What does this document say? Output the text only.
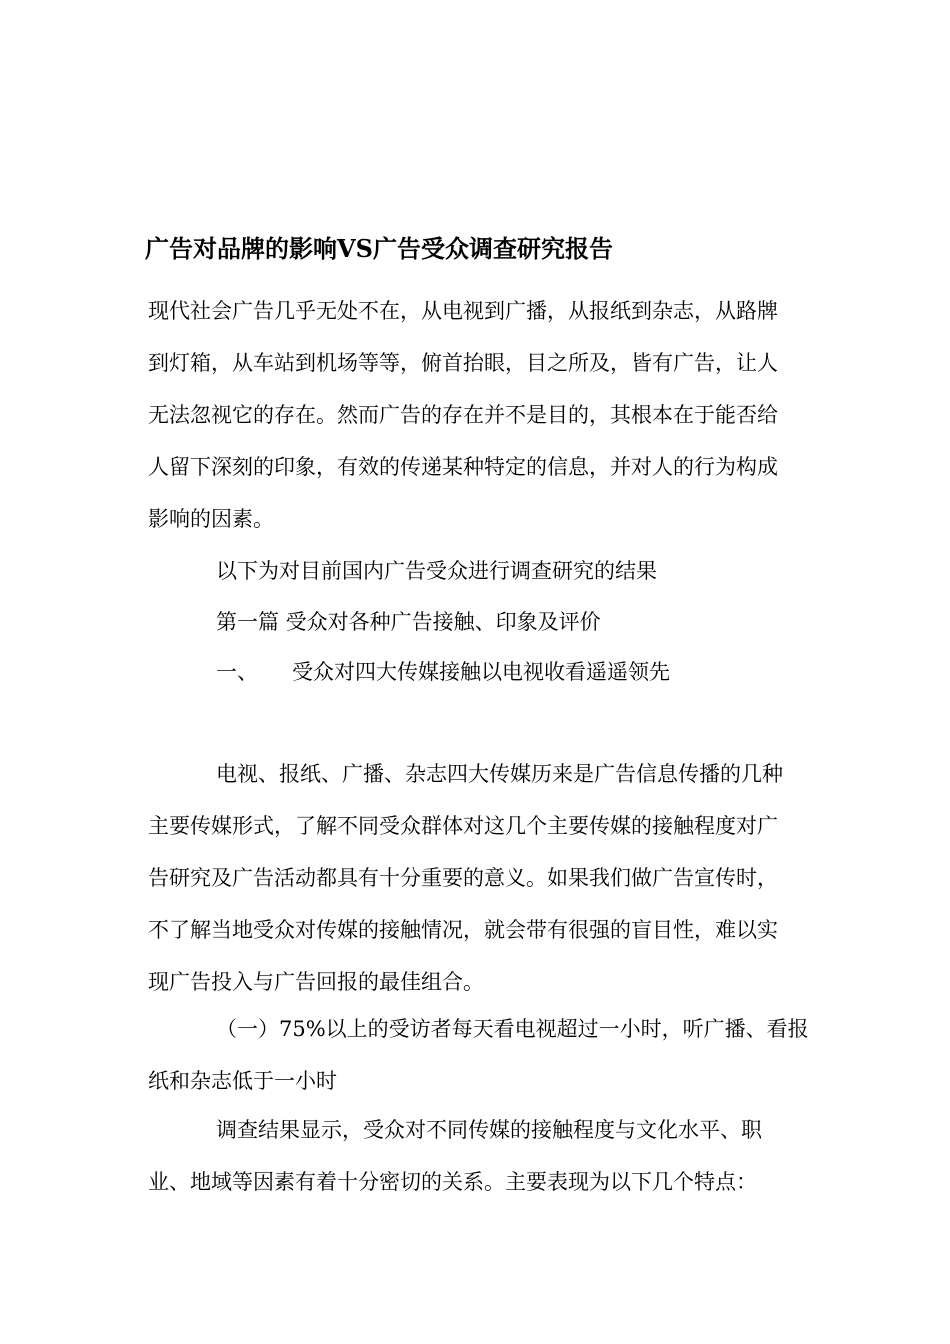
广告对品牌的影响VS广告受众调查研究报告
现代社会广告几乎无处不在，从电视到广播，从报纸到杂志，从路牌
到灯箱，从车站到机场等等，俯首抬眼，目之所及，皆有广告，让人
无法忽视它的存在。然而广告的存在并不是目的，其根本在于能否给
人留下深刻的印象，有效的传递某种特定的信息，并对人的行为构成
影响的因素。
以下为对目前国内广告受众进行调查研究的结果
第一篇 受众对各种广告接触、印象及评价
一、 受众对四大传媒接触以电视收看遥遥领先
电视、报纸、广播、杂志四大传媒历来是广告信息传播的几种
主要传媒形式，了解不同受众群体对这几个主要传媒的接触程度对广
告研究及广告活动都具有十分重要的意义。如果我们做广告宣传时，
不了解当地受众对传媒的接触情况，就会带有很强的盲目性，难以实
现广告投入与广告回报的最佳组合。
（一）75%以上的受访者每天看电视超过一小时，听广播、看报
纸和杂志低于一小时
调查结果显示，受众对不同传媒的接触程度与文化水平、职
业、地域等因素有着十分密切的关系。主要表现为以下几个特点：
